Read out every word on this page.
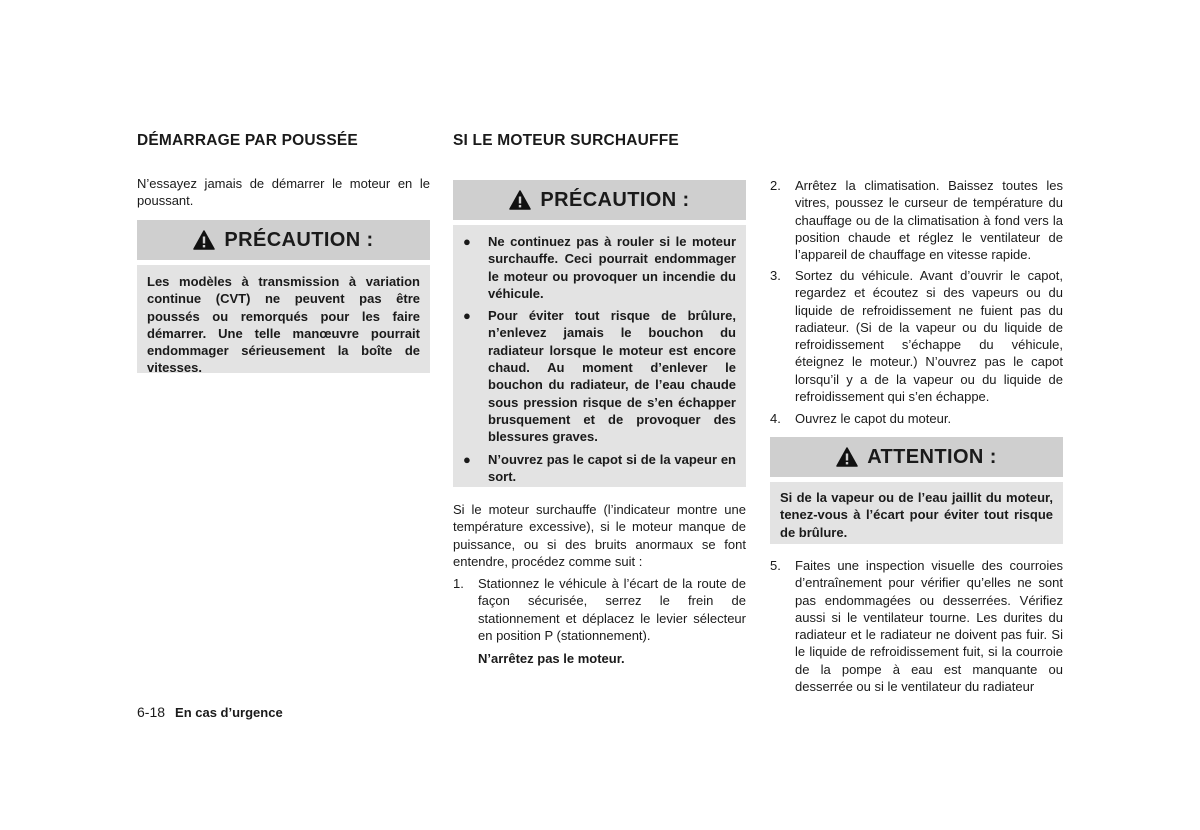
DÉMARRAGE PAR POUSSÉE

N’essayez jamais de démarrer le moteur en le poussant.

PRÉCAUTION :
Les modèles à transmission à variation continue (CVT) ne peuvent pas être poussés ou remorqués pour les faire démarrer. Une telle manœuvre pourrait endommager sérieusement la boîte de vitesses.
SI LE MOTEUR SURCHAUFFE
PRÉCAUTION :
● Ne continuez pas à rouler si le moteur surchauffe. Ceci pourrait endommager le moteur ou provoquer un incendie du véhicule.
● Pour éviter tout risque de brûlure, n’enlevez jamais le bouchon du radiateur lorsque le moteur est encore chaud. Au moment d’enlever le bouchon du radiateur, de l’eau chaude sous pression risque de s’en échapper brusquement et de provoquer des blessures graves.
● N’ouvrez pas le capot si de la vapeur en sort.

Si le moteur surchauffe (l’indicateur montre une température excessive), si le moteur manque de puissance, ou si des bruits anormaux se font entendre, procédez comme suit :

1. Stationnez le véhicule à l’écart de la route de façon sécurisée, serrez le frein de stationnement et déplacez le levier sélecteur en position P (stationnement).

N’arrêtez pas le moteur.

2. Arrêtez la climatisation. Baissez toutes les vitres, poussez le curseur de température du chauffage ou de la climatisation à fond vers la position chaude et réglez le ventilateur de l’appareil de chauffage en vitesse rapide.
3. Sortez du véhicule. Avant d’ouvrir le capot, regardez et écoutez si des vapeurs ou du liquide de refroidissement ne fuient pas du radiateur. (Si de la vapeur ou du liquide de refroidissement s’échappe du véhicule, éteignez le moteur.) N’ouvrez pas le capot lorsqu’il y a de la vapeur ou du liquide de refroidissement qui s’en échappe.
4. Ouvrez le capot du moteur.
ATTENTION :
Si de la vapeur ou de l’eau jaillit du moteur, tenez-vous à l’écart pour éviter tout risque de brûlure.
5. Faites une inspection visuelle des courroies d’entraînement pour vérifier qu’elles ne sont pas endommagées ou desserrées. Vérifiez aussi si le ventilateur tourne. Les durites du radiateur et le radiateur ne doivent pas fuir. Si le liquide de refroidissement fuit, si la courroie de la pompe à eau est manquante ou desserrée ou si le ventilateur du radiateur
6-18 En cas d’urgence
